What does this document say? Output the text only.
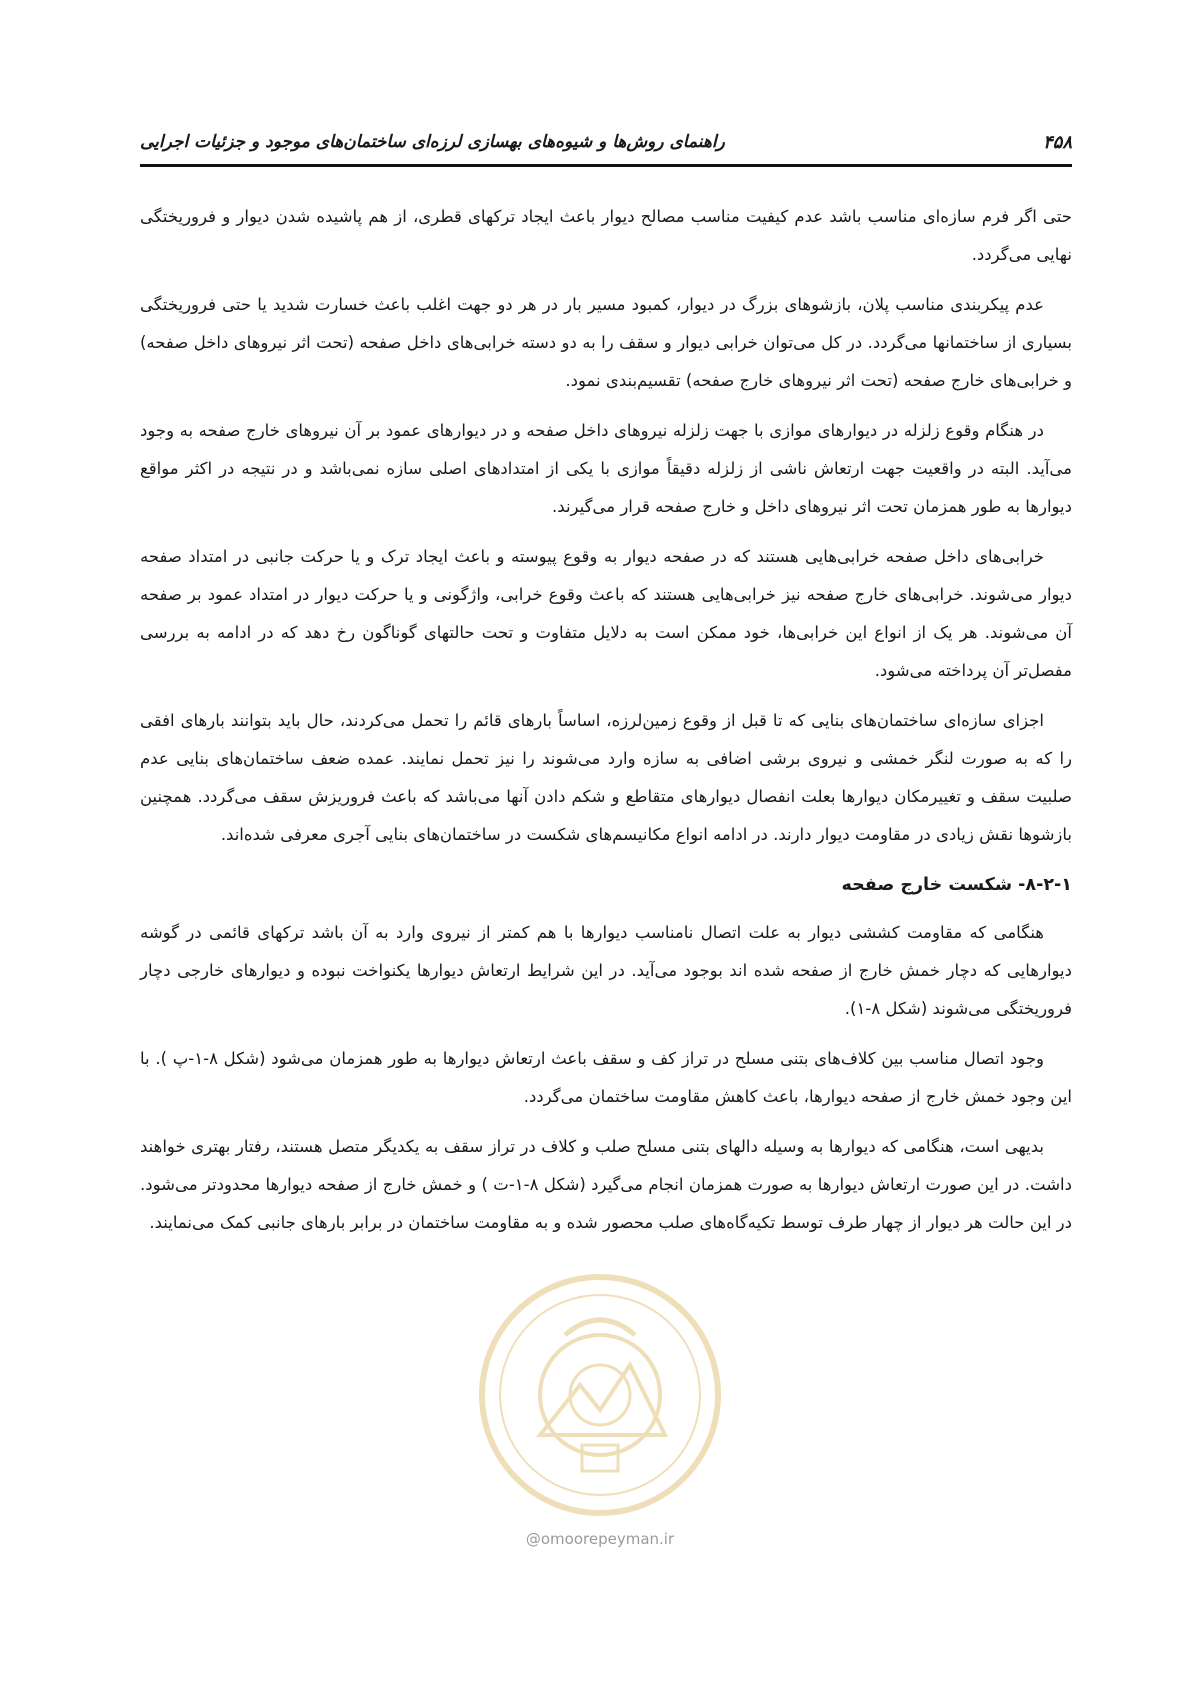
۴۵۸
راهنمای روش‌ها و شیوه‌های بهسازی لرزه‌ای ساختمان‌های موجود و جزئیات اجرایی

حتی اگر فرم سازه‌ای مناسب باشد عدم کیفیت مناسب مصالح دیوار باعث ایجاد ترکهای قطری، از هم پاشیده شدن دیوار و فروریختگی نهایی می‌گردد.

عدم پیکربندی مناسب پلان، بازشوهای بزرگ در دیوار، کمبود مسیر بار در هر دو جهت اغلب باعث خسارت شدید یا حتی فروریختگی بسیاری از ساختمانها می‌گردد. در کل می‌توان خرابی دیوار و سقف را به دو دسته خرابی‌های داخل صفحه (تحت اثر نیروهای داخل صفحه) و خرابی‌های خارج صفحه (تحت اثر نیروهای خارج صفحه) تقسیم‌بندی نمود.

در هنگام وقوع زلزله در دیوارهای موازی با جهت زلزله نیروهای داخل صفحه و در دیوارهای عمود بر آن نیروهای خارج صفحه به وجود می‌آید. البته در واقعیت جهت ارتعاش ناشی از زلزله دقیقاً موازی با یکی از امتدادهای اصلی سازه نمی‌باشد و در نتیجه در اکثر مواقع دیوارها به طور همزمان تحت اثر نیروهای داخل و خارج صفحه قرار می‌گیرند.

خرابی‌های داخل صفحه خرابی‌هایی هستند که در صفحه دیوار به وقوع پیوسته و باعث ایجاد ترک و یا حرکت جانبی در امتداد صفحه دیوار می‌شوند. خرابی‌های خارج صفحه نیز خرابی‌هایی هستند که باعث وقوع خرابی، واژگونی و یا حرکت دیوار در امتداد عمود بر صفحه آن می‌شوند. هر یک از انواع این خرابی‌ها، خود ممکن است به دلایل متفاوت و تحت حالتهای گوناگون رخ دهد که در ادامه به بررسی مفصل‌تر آن پرداخته می‌شود.

اجزای سازه‌ای ساختمان‌های بنایی که تا قبل از وقوع زمین‌لرزه، اساساً بارهای قائم را تحمل می‌کردند، حال باید بتوانند بارهای افقی را که به صورت لنگر خمشی و نیروی برشی اضافی به سازه وارد می‌شوند را نیز تحمل نمایند. عمده ضعف ساختمان‌های بنایی عدم صلبیت سقف و تغییرمکان دیوارها بعلت انفصال دیوارهای متقاطع و شکم دادن آنها می‌باشد که باعث فروریزش سقف می‌گردد. همچنین بازشوها نقش زیادی در مقاومت دیوار دارند. در ادامه انواع مکانیسم‌های شکست در ساختمان‌های بنایی آجری معرفی شده‌اند.

۸-۲-۱- شکست خارج صفحه

هنگامی که مقاومت کششی دیوار به علت اتصال نامناسب دیوارها با هم کمتر از نیروی وارد به آن باشد ترکهای قائمی در گوشه دیوارهایی که دچار خمش خارج از صفحه شده اند بوجود می‌آید. در این شرایط ارتعاش دیوارها یکنواخت نبوده و دیوارهای خارجی دچار فروریختگی می‌شوند (شکل ۸-۱).

وجود اتصال مناسب بین کلاف‌های بتنی مسلح در تراز کف و سقف باعث ارتعاش دیوارها به طور همزمان می‌شود (شکل ۸-۱-پ ). با این وجود خمش خارج از صفحه دیوارها، باعث کاهش مقاومت ساختمان می‌گردد.

بدیهی است، هنگامی که دیوارها به وسیله دالهای بتنی مسلح صلب و کلاف در تراز سقف به یکدیگر متصل هستند، رفتار بهتری خواهند داشت. در این صورت ارتعاش دیوارها به صورت همزمان انجام می‌گیرد (شکل ۸-۱-ت ) و خمش خارج از صفحه دیوارها محدودتر می‌شود. در این حالت هر دیوار از چهار طرف توسط تکیه‌گاه‌های صلب محصور شده و به مقاومت ساختمان در برابر بارهای جانبی کمک می‌نمایند.

@omoorepeyman.ir
